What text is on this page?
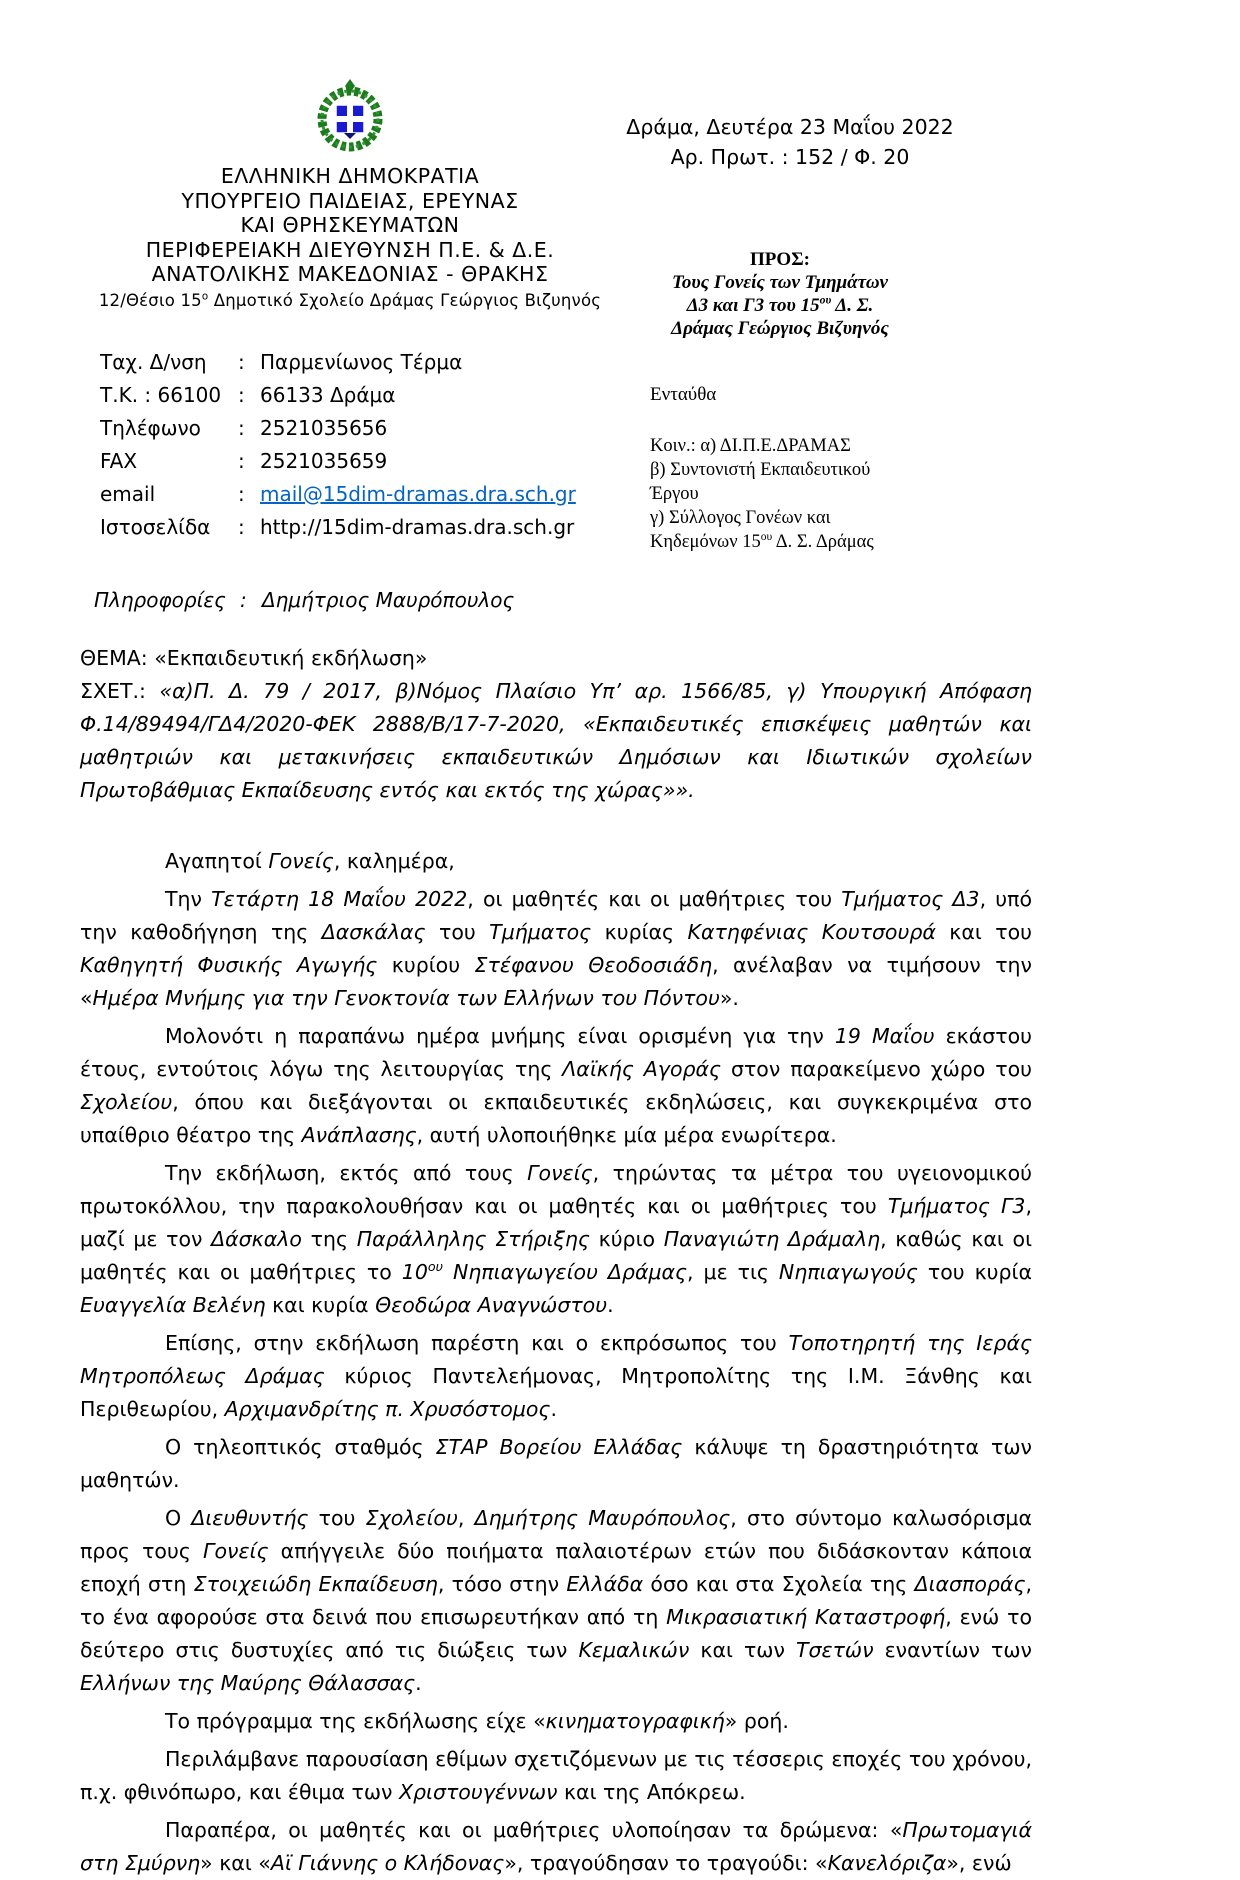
ΕΛΛΗΝΙΚΗ ΔΗΜΟΚΡΑΤΙΑ
ΥΠΟΥΡΓΕΙΟ ΠΑΙΔΕΙΑΣ, ΕΡΕΥΝΑΣ
ΚΑΙ ΘΡΗΣΚΕΥΜΑΤΩΝ
ΠΕΡΙΦΕΡΕΙΑΚΗ ΔΙΕΥΘΥΝΣΗ Π.Ε. & Δ.Ε.
ΑΝΑΤΟΛΙΚΗΣ ΜΑΚΕΔΟΝΙΑΣ - ΘΡΑΚΗΣ
12/Θέσιο $15^o$ Δημοτικό Σχολείο Δράμας Γεώργιος Βιζυηνός
Ταχ. Δ/νση	: Παρμενίωνος Τέρμα
Τ.Κ. : 66100 : 66133 Δράμα
Τηλέφωνο	: 2521035656
FAX	: 2521035659
email	: mail@15dim-dramas.dra.sch.gr
Ιστοσελίδα	: http://15dim-dramas.dra.sch.gr
Πληροφορίες : Δημήτριος Μαυρόπουλος
Δράμα, Δευτέρα 23 Μαΐου 2022
Αρ. Πρωτ. : 152 / Φ. 20
ΠΡΟΣ:
Τους Γονείς των Τμημάτων
Δ3 και Γ3 του $15^{o\upsilon}$ Δ. Σ.
Δράμας Γεώργιος Βιζυηνός
Ενταύθα
Κοιν.: α) ΔΙ.Π.Ε.ΔΡΑΜΑΣ
β) Συντονιστή Εκπαιδευτικού
Έργου
γ) Σύλλογος Γονέων και
Κηδεμόνων $15^{o\upsilon}$ Δ. Σ. Δράμας
ΘΕΜΑ: «Εκπαιδευτική εκδήλωση»
ΣΧΕΤ.: «α)Π. Δ. 79 / 2017, β)Νόμος Πλαίσιο Υπ’ αρ. 1566/85, γ) Υπουργική Απόφαση Φ.14/89494/ΓΔ4/2020-ΦΕΚ 2888/Β/17-7-2020, «Εκπαιδευτικές επισκέψεις μαθητών και μαθητριών και μετακινήσεις εκπαιδευτικών Δημόσιων και Ιδιωτικών σχολείων Πρωτοβάθμιας Εκπαίδευσης εντός και εκτός της χώρας»».

Αγαπητοί Γονείς, καλημέρα,

Την Τετάρτη 18 Μαΐου 2022, οι μαθητές και οι μαθήτριες του Τμήματος Δ3, υπό την καθοδήγηση της Δασκάλας του Τμήματος κυρίας Κατηφένιας Κουτσουρά και του Καθηγητή Φυσικής Αγωγής κυρίου Στέφανου Θεοδοσιάδη, ανέλαβαν να τιμήσουν την «Ημέρα Μνήμης για την Γενοκτονία των Ελλήνων του Πόντου».

Μολονότι η παραπάνω ημέρα μνήμης είναι ορισμένη για την 19 Μαΐου εκάστου έτους, εντούτοις λόγω της λειτουργίας της Λαϊκής Αγοράς στον παρακείμενο χώρο του Σχολείου, όπου και διεξάγονται οι εκπαιδευτικές εκδηλώσεις, και συγκεκριμένα στο υπαίθριο θέατρο της Ανάπλασης, αυτή υλοποιήθηκε μία μέρα ενωρίτερα.

Την εκδήλωση, εκτός από τους Γονείς, τηρώντας τα μέτρα του υγειονομικού πρωτοκόλλου, την παρακολουθήσαν και οι μαθητές και οι μαθήτριες του Τμήματος Γ3, μαζί με τον Δάσκαλο της Παράλληλης Στήριξης κύριο Παναγιώτη Δράμαλη, καθώς και οι μαθητές και οι μαθήτριες το $10^{o\upsilon}$ Νηπιαγωγείου Δράμας, με τις Νηπιαγωγούς του κυρία Ευαγγελία Βελένη και κυρία Θεοδώρα Αναγνώστου.

Επίσης, στην εκδήλωση παρέστη και ο εκπρόσωπος του Τοποτηρητή της Ιεράς Μητροπόλεως Δράμας κύριος Παντελεήμονας, Μητροπολίτης της Ι.Μ. Ξάνθης και Περιθεωρίου, Αρχιμανδρίτης π. Χρυσόστομος.

Ο τηλεοπτικός σταθμός ΣΤΑΡ Βορείου Ελλάδας κάλυψε τη δραστηριότητα των μαθητών.

Ο Διευθυντής του Σχολείου, Δημήτρης Μαυρόπουλος, στο σύντομο καλωσόρισμα προς τους Γονείς απήγγειλε δύο ποιήματα παλαιοτέρων ετών που διδάσκονταν κάποια εποχή στη Στοιχειώδη Εκπαίδευση, τόσο στην Ελλάδα όσο και στα Σχολεία της Διασποράς, το ένα αφορούσε στα δεινά που επισωρευτήκαν από τη Μικρασιατική Καταστροφή, ενώ το δεύτερο στις δυστυχίες από τις διώξεις των Κεμαλικών και των Τσετών εναντίων των Ελλήνων της Μαύρης Θάλασσας.

Το πρόγραμμα της εκδήλωσης είχε «κινηματογραφική» ροή.

Περιλάμβανε παρουσίαση εθίμων σχετιζόμενων με τις τέσσερις εποχές του χρόνου, π.χ. φθινόπωρο, και έθιμα των Χριστουγέννων και της Απόκρεω.

Παραπέρα, οι μαθητές και οι μαθήτριες υλοποίησαν τα δρώμενα: «Πρωτομαγιά στη Σμύρνη» και «Αϊ Γιάννης ο Κλήδονας», τραγούδησαν το τραγούδι: «Κανελόριζα», ενώ
